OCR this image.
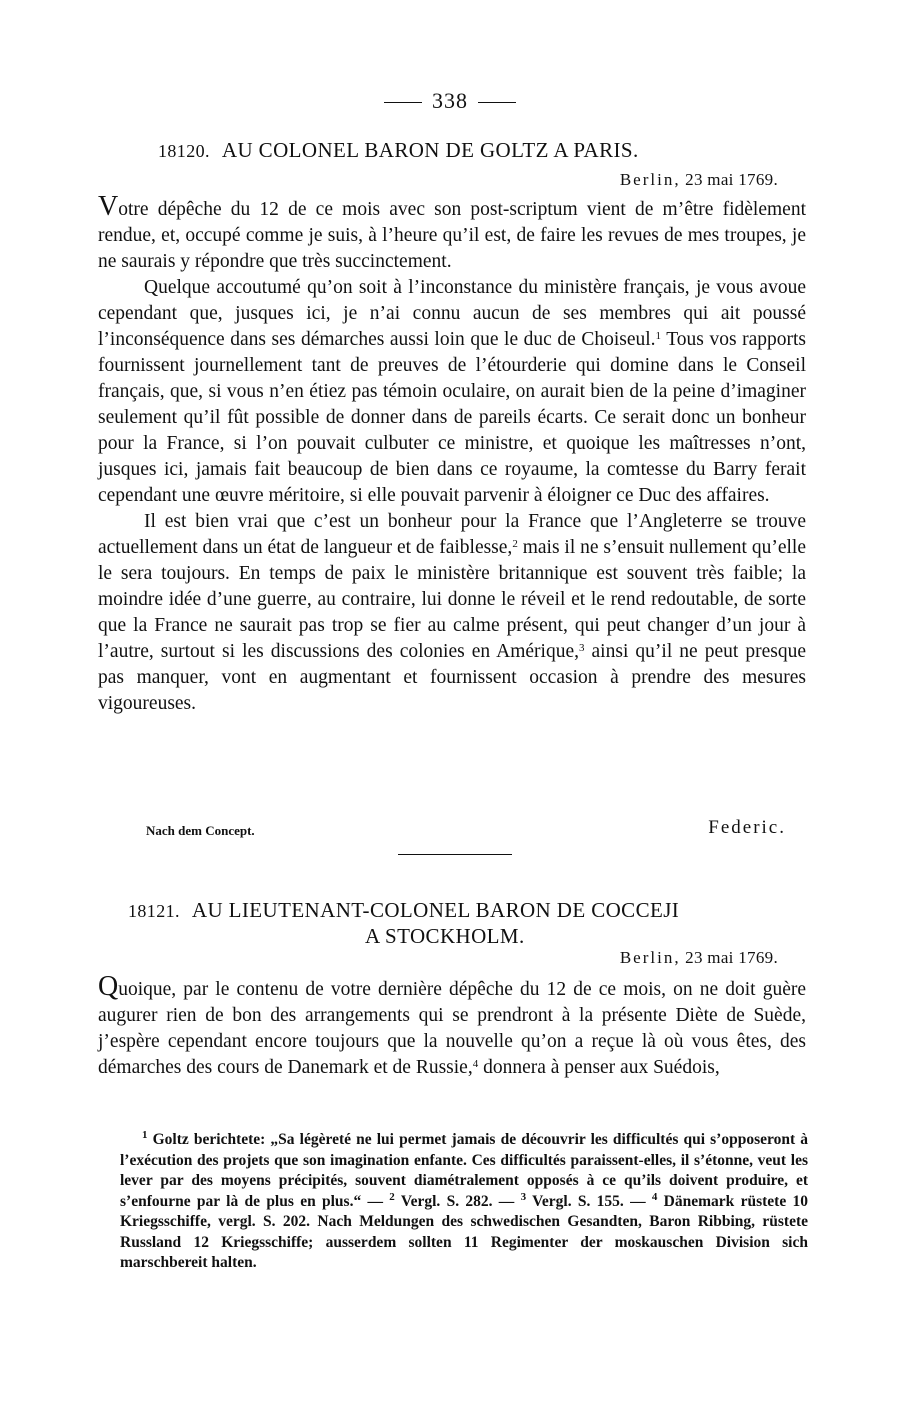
338
18120. AU COLONEL BARON DE GOLTZ A PARIS.
Berlin, 23 mai 1769.

Votre dépêche du 12 de ce mois avec son post-scriptum vient de m’être fidèlement rendue, et, occupé comme je suis, à l’heure qu’il est, de faire les revues de mes troupes, je ne saurais y répondre que très succinctement.

Quelque accoutumé qu’on soit à l’inconstance du ministère français, je vous avoue cependant que, jusques ici, je n’ai connu aucun de ses membres qui ait poussé l’inconséquence dans ses démarches aussi loin que le duc de Choiseul.$^1$ Tous vos rapports fournissent journellement tant de preuves de l’étourderie qui domine dans le Conseil français, que, si vous n’en étiez pas témoin oculaire, on aurait bien de la peine d’imaginer seulement qu’il fût possible de donner dans de pareils écarts. Ce serait donc un bonheur pour la France, si l’on pouvait culbuter ce ministre, et quoique les maîtresses n’ont, jusques ici, jamais fait beaucoup de bien dans ce royaume, la comtesse du Barry ferait cependant une œuvre méritoire, si elle pouvait parvenir à éloigner ce Duc des affaires.

Il est bien vrai que c’est un bonheur pour la France que l’Angleterre se trouve actuellement dans un état de langueur et de faiblesse,$^2$ mais il ne s’ensuit nullement qu’elle le sera toujours. En temps de paix le ministère britannique est souvent très faible; la moindre idée d’une guerre, au contraire, lui donne le réveil et le rend redoutable, de sorte que la France ne saurait pas trop se fier au calme présent, qui peut changer d’un jour à l’autre, surtout si les discussions des colonies en Amérique,$^3$ ainsi qu’il ne peut presque pas manquer, vont en augmentant et fournissent occasion à prendre des mesures vigoureuses.

Nach dem Concept.	Federic.
18121. AU LIEUTENANT-COLONEL BARON DE COCCEJI
A STOCKHOLM.
Berlin, 23 mai 1769.

Quoique, par le contenu de votre dernière dépêche du 12 de ce mois, on ne doit guère augurer rien de bon des arrangements qui se prendront à la présente Diète de Suède, j’espère cependant encore toujours que la nouvelle qu’on a reçue là où vous êtes, des démarches des cours de Danemark et de Russie,$^4$ donnera à penser aux Suédois,

$^1$ Goltz berichtete: „Sa légèreté ne lui permet jamais de découvrir les difficultés qui s’opposeront à l’exécution des projets que son imagination enfante. Ces difficultés paraissent-elles, il s’étonne, veut les lever par des moyens précipités, souvent diamétralement opposés à ce qu’ils doivent produire, et s’enfourne par là de plus en plus.“ — $^2$ Vergl. S. 282. — $^3$ Vergl. S. 155. — $^4$ Dänemark rüstete 10 Kriegsschiffe, vergl. S. 202. Nach Meldungen des schwedischen Gesandten, Baron Ribbing, rüstete Russland 12 Kriegsschiffe; ausserdem sollten 11 Regimenter der moskauschen Division sich marschbereit halten.
